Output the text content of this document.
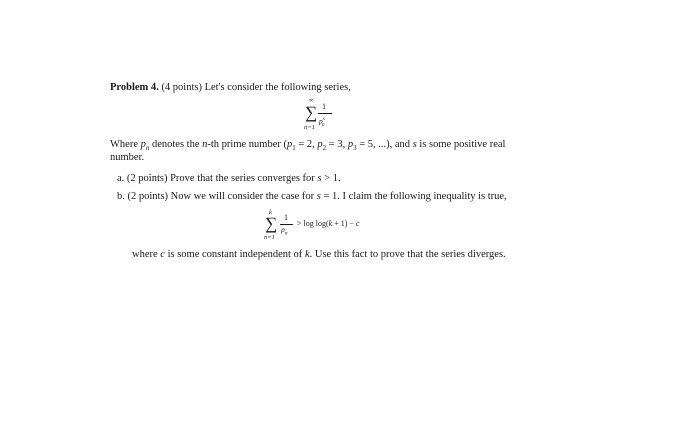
Problem 4. (4 points) Let's consider the following series,
∞
∑
n=1
1
$p^s_n$
Where $p_n$ denotes the n-th prime number ($p_1 = 2$, $p_2 = 3$, $p_3 = 5$, ...), and s is some positive real
number.
a. (2 points) Prove that the series converges for s > 1.
b. (2 points) Now we will consider the case for s = 1. I claim the following inequality is true,
k
∑
n=1
1
$p_n$
> log log(k + 1) − c
where c is some constant independent of k. Use this fact to prove that the series diverges.
